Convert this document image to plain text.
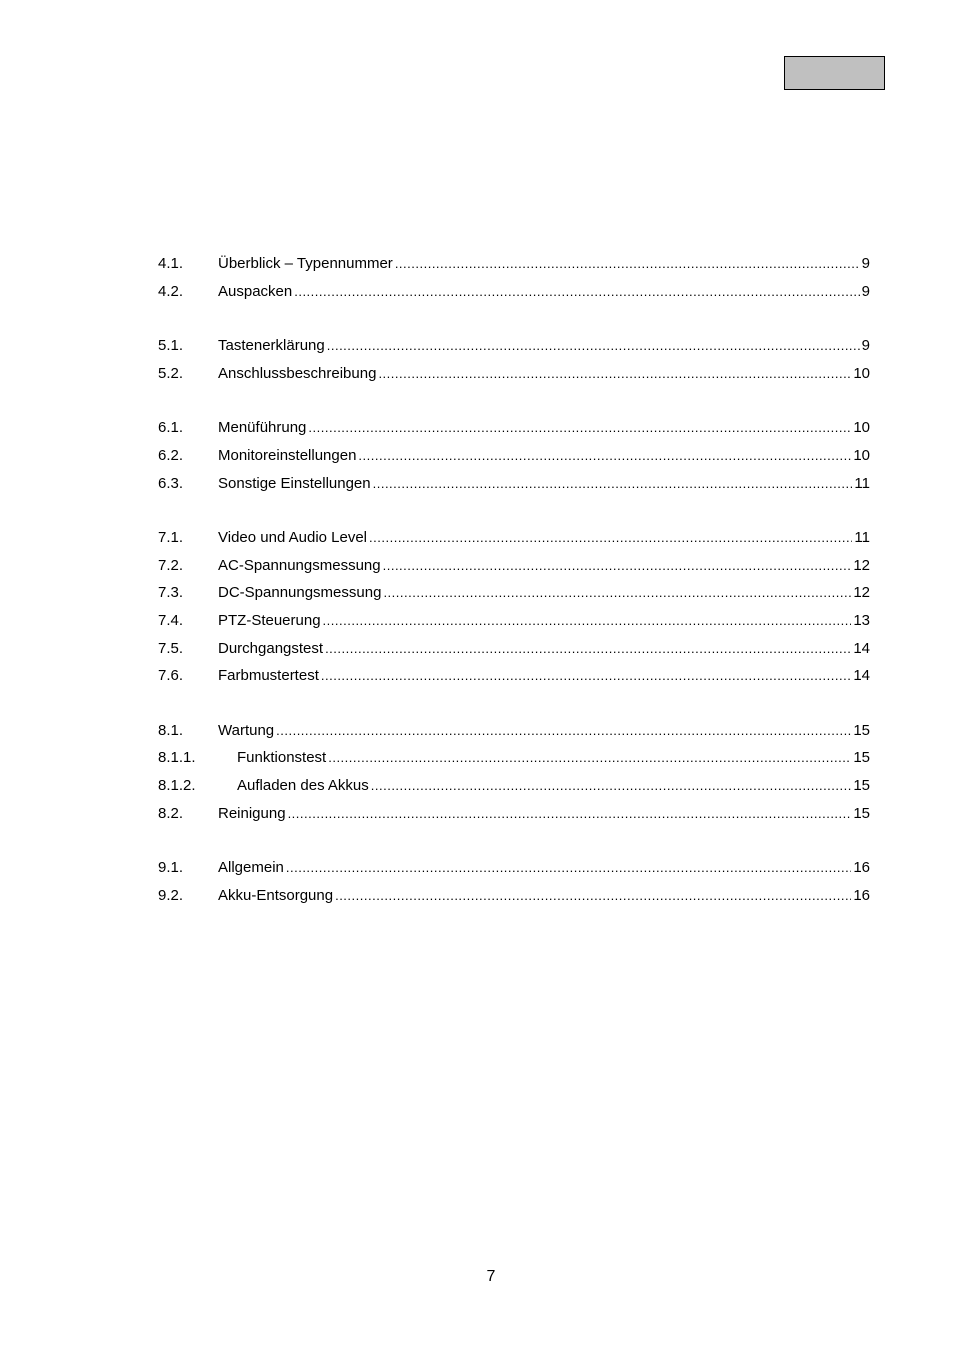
4.1. Überblick – Typennummer .....	9
4.2. Auspacken .....	9
5.1. Tastenerklärung .....	9
5.2. Anschlussbeschreibung .....	10
6.1. Menüführung .....	10
6.2. Monitoreinstellungen .....	10
6.3. Sonstige Einstellungen .....	11
7.1. Video und Audio Level .....	11
7.2. AC-Spannungsmessung .....	12
7.3. DC-Spannungsmessung .....	12
7.4. PTZ-Steuerung .....	13
7.5. Durchgangstest .....	14
7.6. Farbmustertest .....	14
8.1. Wartung .....	15
8.1.1.	Funktionstest .....	15
8.1.2.	Aufladen des Akkus .....	15
8.2. Reinigung .....	15
9.1. Allgemein .....	16
9.2. Akku-Entsorgung .....	16
7
